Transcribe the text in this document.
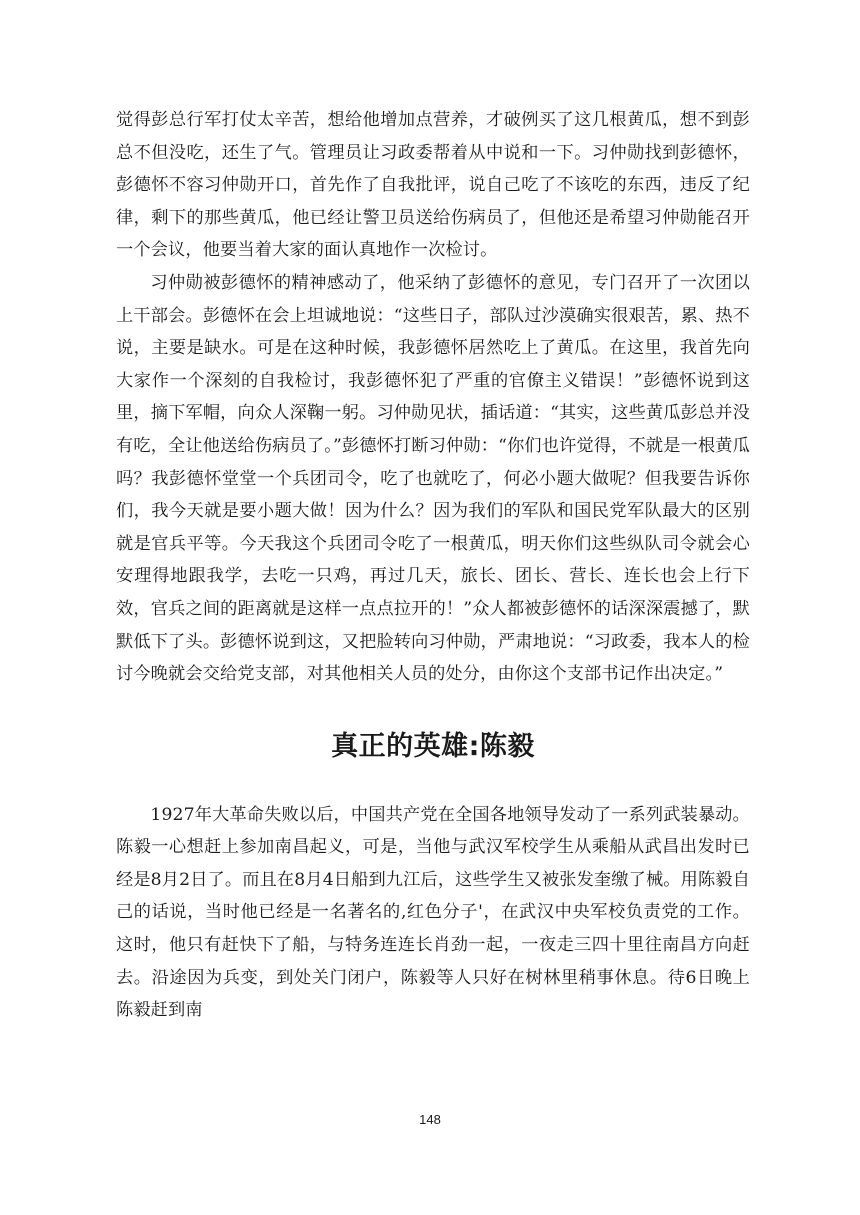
觉得彭总行军打仗太辛苦，想给他增加点营养，才破例买了这几根黄瓜，想不到彭总不但没吃，还生了气。管理员让习政委帮着从中说和一下。习仲勋找到彭德怀，彭德怀不容习仲勋开口，首先作了自我批评，说自己吃了不该吃的东西，违反了纪律，剩下的那些黄瓜，他已经让警卫员送给伤病员了，但他还是希望习仲勋能召开一个会议，他要当着大家的面认真地作一次检讨。

习仲勋被彭德怀的精神感动了，他采纳了彭德怀的意见，专门召开了一次团以上干部会。彭德怀在会上坦诚地说：“这些日子，部队过沙漠确实很艰苦，累、热不说，主要是缺水。可是在这种时候，我彭德怀居然吃上了黄瓜。在这里，我首先向大家作一个深刻的自我检讨，我彭德怀犯了严重的官僚主义错误！”彭德怀说到这里，摘下军帽，向众人深鞠一躬。习仲勋见状，插话道：“其实，这些黄瓜彭总并没有吃，全让他送给伤病员了。”彭德怀打断习仲勋：“你们也许觉得，不就是一根黄瓜吗？我彭德怀堂堂一个兵团司令，吃了也就吃了，何必小题大做呢？但我要告诉你们，我今天就是要小题大做！因为什么？因为我们的军队和国民党军队最大的区别就是官兵平等。今天我这个兵团司令吃了一根黄瓜，明天你们这些纵队司令就会心安理得地跟我学，去吃一只鸡，再过几天，旅长、团长、营长、连长也会上行下效，官兵之间的距离就是这样一点点拉开的！”众人都被彭德怀的话深深震撼了，默默低下了头。彭德怀说到这，又把脸转向习仲勋，严肃地说：“习政委，我本人的检讨今晚就会交给党支部，对其他相关人员的处分，由你这个支部书记作出决定。”

真正的英雄:陈毅

1927年大革命失败以后，中国共产党在全国各地领导发动了一系列武装暴动。陈毅一心想赶上参加南昌起义，可是，当他与武汉军校学生从乘船从武昌出发时已经是8月2日了。而且在8月4日船到九江后，这些学生又被张发奎缴了械。用陈毅自己的话说，当时他已经是一名著名的‚红色分子'，在武汉中央军校负责党的工作。这时，他只有赶快下了船，与特务连连长肖劲一起，一夜走三四十里往南昌方向赶去。沿途因为兵变，到处关门闭户，陈毅等人只好在树林里稍事休息。待6日晚上陈毅赶到南

148
